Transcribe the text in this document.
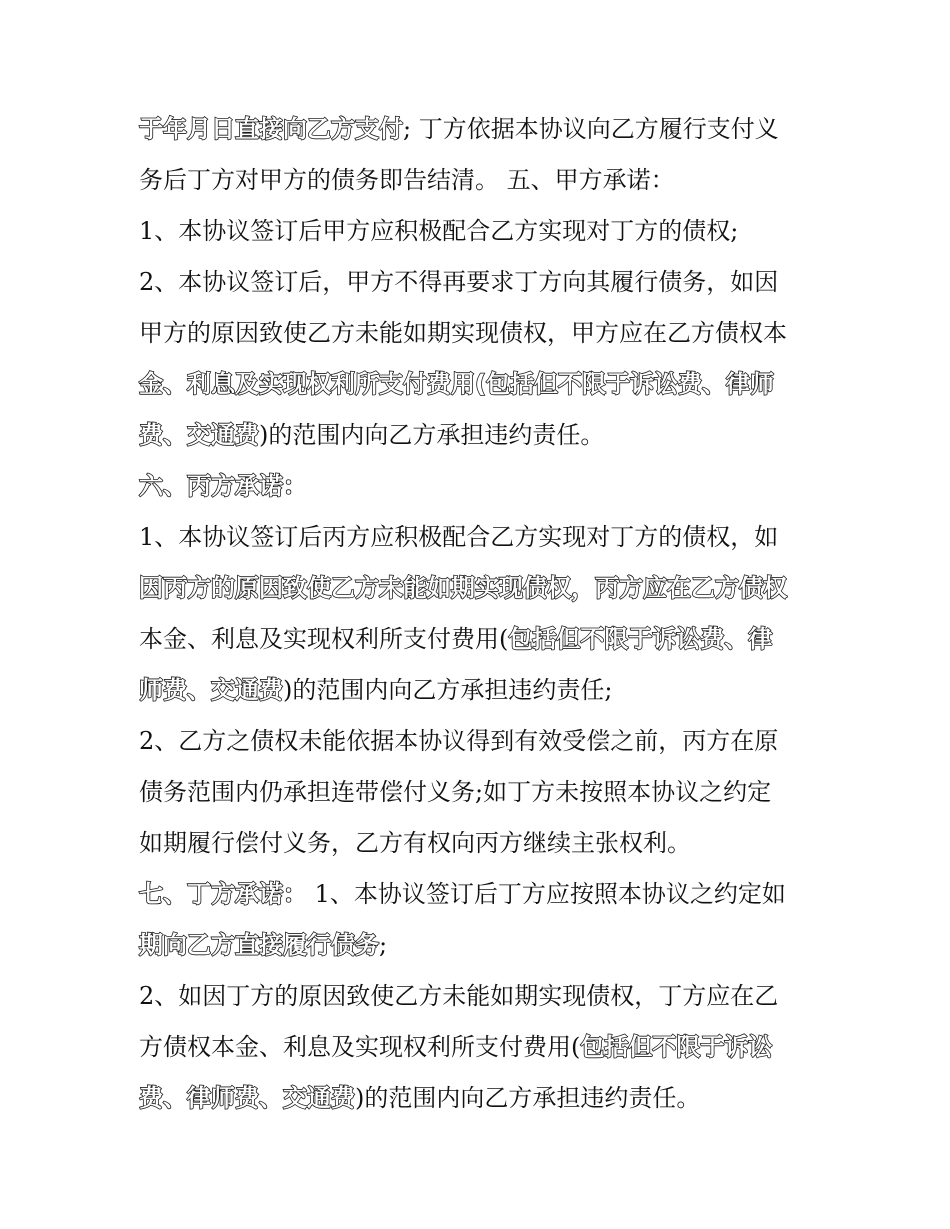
于年月日直接向乙方支付; 丁方依据本协议向乙方履行支付义
务后丁方对甲方的债务即告结清。 五、甲方承诺：
1、本协议签订后甲方应积极配合乙方实现对丁方的债权;
2、本协议签订后，甲方不得再要求丁方向其履行债务，如因
甲方的原因致使乙方未能如期实现债权，甲方应在乙方债权本
金、利息及实现权利所支付费用(包括但不限于诉讼费、律师
费、交通费)的范围内向乙方承担违约责任。
六、丙方承诺：
1、本协议签订后丙方应积极配合乙方实现对丁方的债权，如
因丙方的原因致使乙方未能如期实现债权，丙方应在乙方债权
本金、利息及实现权利所支付费用(包括但不限于诉讼费、律
师费、交通费)的范围内向乙方承担违约责任;
2、乙方之债权未能依据本协议得到有效受偿之前，丙方在原
债务范围内仍承担连带偿付义务;如丁方未按照本协议之约定
如期履行偿付义务，乙方有权向丙方继续主张权利。
七、丁方承诺： 1、本协议签订后丁方应按照本协议之约定如
期向乙方直接履行债务;
2、如因丁方的原因致使乙方未能如期实现债权，丁方应在乙
方债权本金、利息及实现权利所支付费用(包括但不限于诉讼
费、律师费、交通费)的范围内向乙方承担违约责任。
